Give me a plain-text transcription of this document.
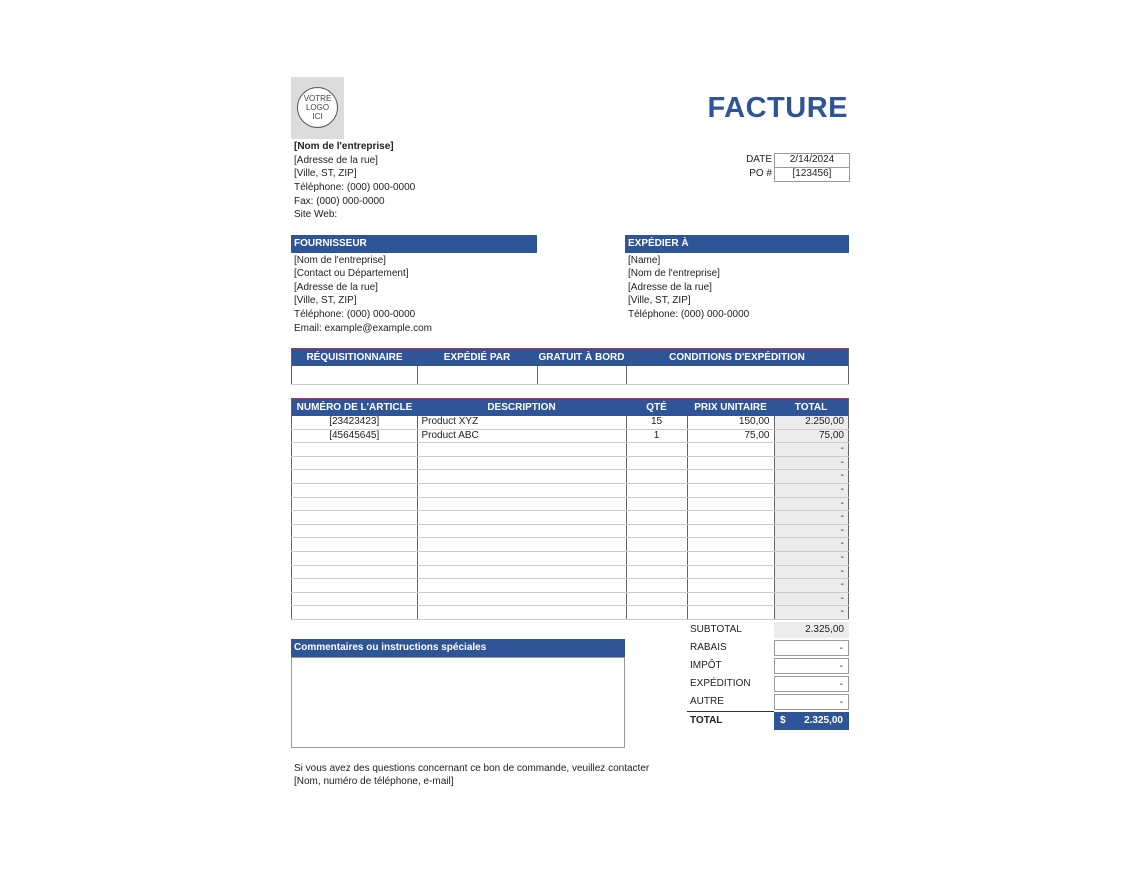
VOTRE
LOGO
ICI	FACTURE
[Nom de l'entreprise]
[Adresse de la rue]
[Ville, ST, ZIP]
Téléphone: (000) 000-0000
Fax: (000) 000-0000
Site Web:
DATE	2/14/2024
PO #	[123456]
FOURNISSEUR
[Nom de l'entreprise]
[Contact ou Département]
[Adresse de la rue]
[Ville, ST, ZIP]
Téléphone: (000) 000-0000
Email: example@example.com
EXPÉDIER À
[Name]
[Nom de l'entreprise]
[Adresse de la rue]
[Ville, ST, ZIP]
Téléphone: (000) 000-0000
RÉQUISITIONNAIRE	EXPÉDIÉ PAR	GRATUIT À BORD	CONDITIONS D'EXPÉDITION

NUMÉRO DE L'ARTICLE	DESCRIPTION	QTÉ	PRIX UNITAIRE	TOTAL
[23423423]	Product XYZ	15	150,00	2.250,00
[45645645]	Product ABC	1	75,00	75,00
				-
				-
				-
				-
				-
				-
				-
				-
				-
				-
				-
				-
				-
Commentaires ou instructions spéciales
SUBTOTAL	2.325,00
RABAIS	-
IMPÔT	-
EXPÉDITION	-
AUTRE	-
TOTAL	$ 2.325,00
Si vous avez des questions concernant ce bon de commande, veuillez contacter
[Nom, numéro de téléphone, e-mail]
